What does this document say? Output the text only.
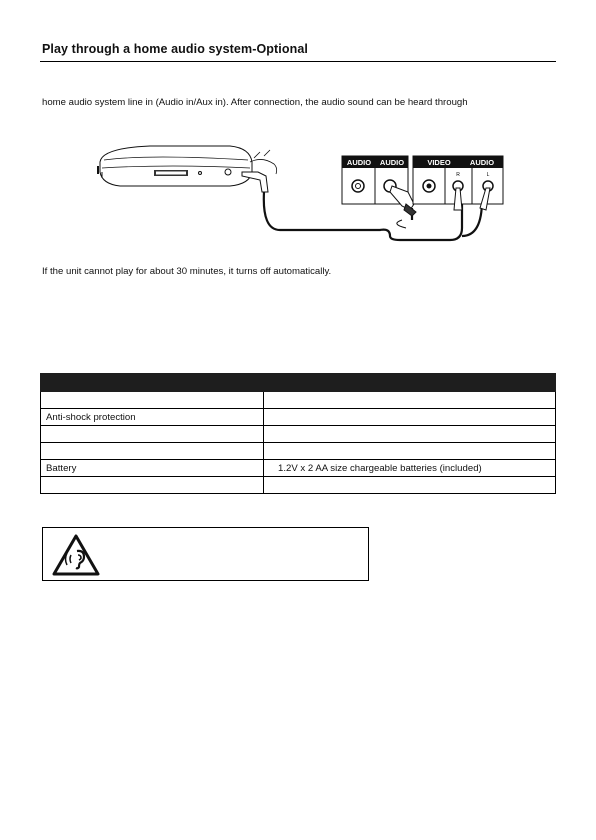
Play through a home audio system-Optional
home audio system line in (Audio in/Aux in). After connection, the audio sound can be heard through
AUDIO AUDIO	VIDEO	AUDIO
R	L
If the unit cannot play for about 30 minutes, it turns off automatically.

Anti-shock protection	

Battery	1.2V x 2 AA size chargeable batteries (included)
